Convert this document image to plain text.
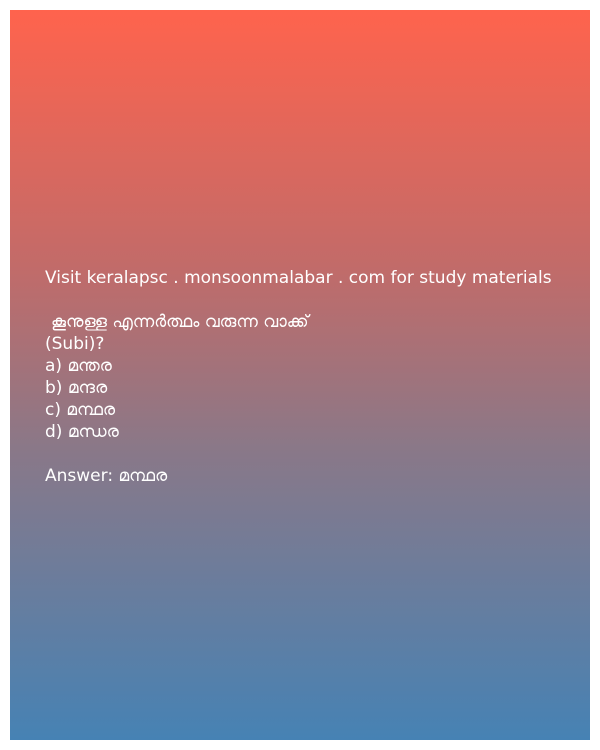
Visit keralapsc . monsoonmalabar . com for study materials
കൂനുള്ള എന്നർത്ഥം വരുന്ന വാക്ക്
(Subi)?
a) മന്തര
b) മന്ദര
c) മന്ഥര
d) മന്ധര
Answer: മന്ഥര
